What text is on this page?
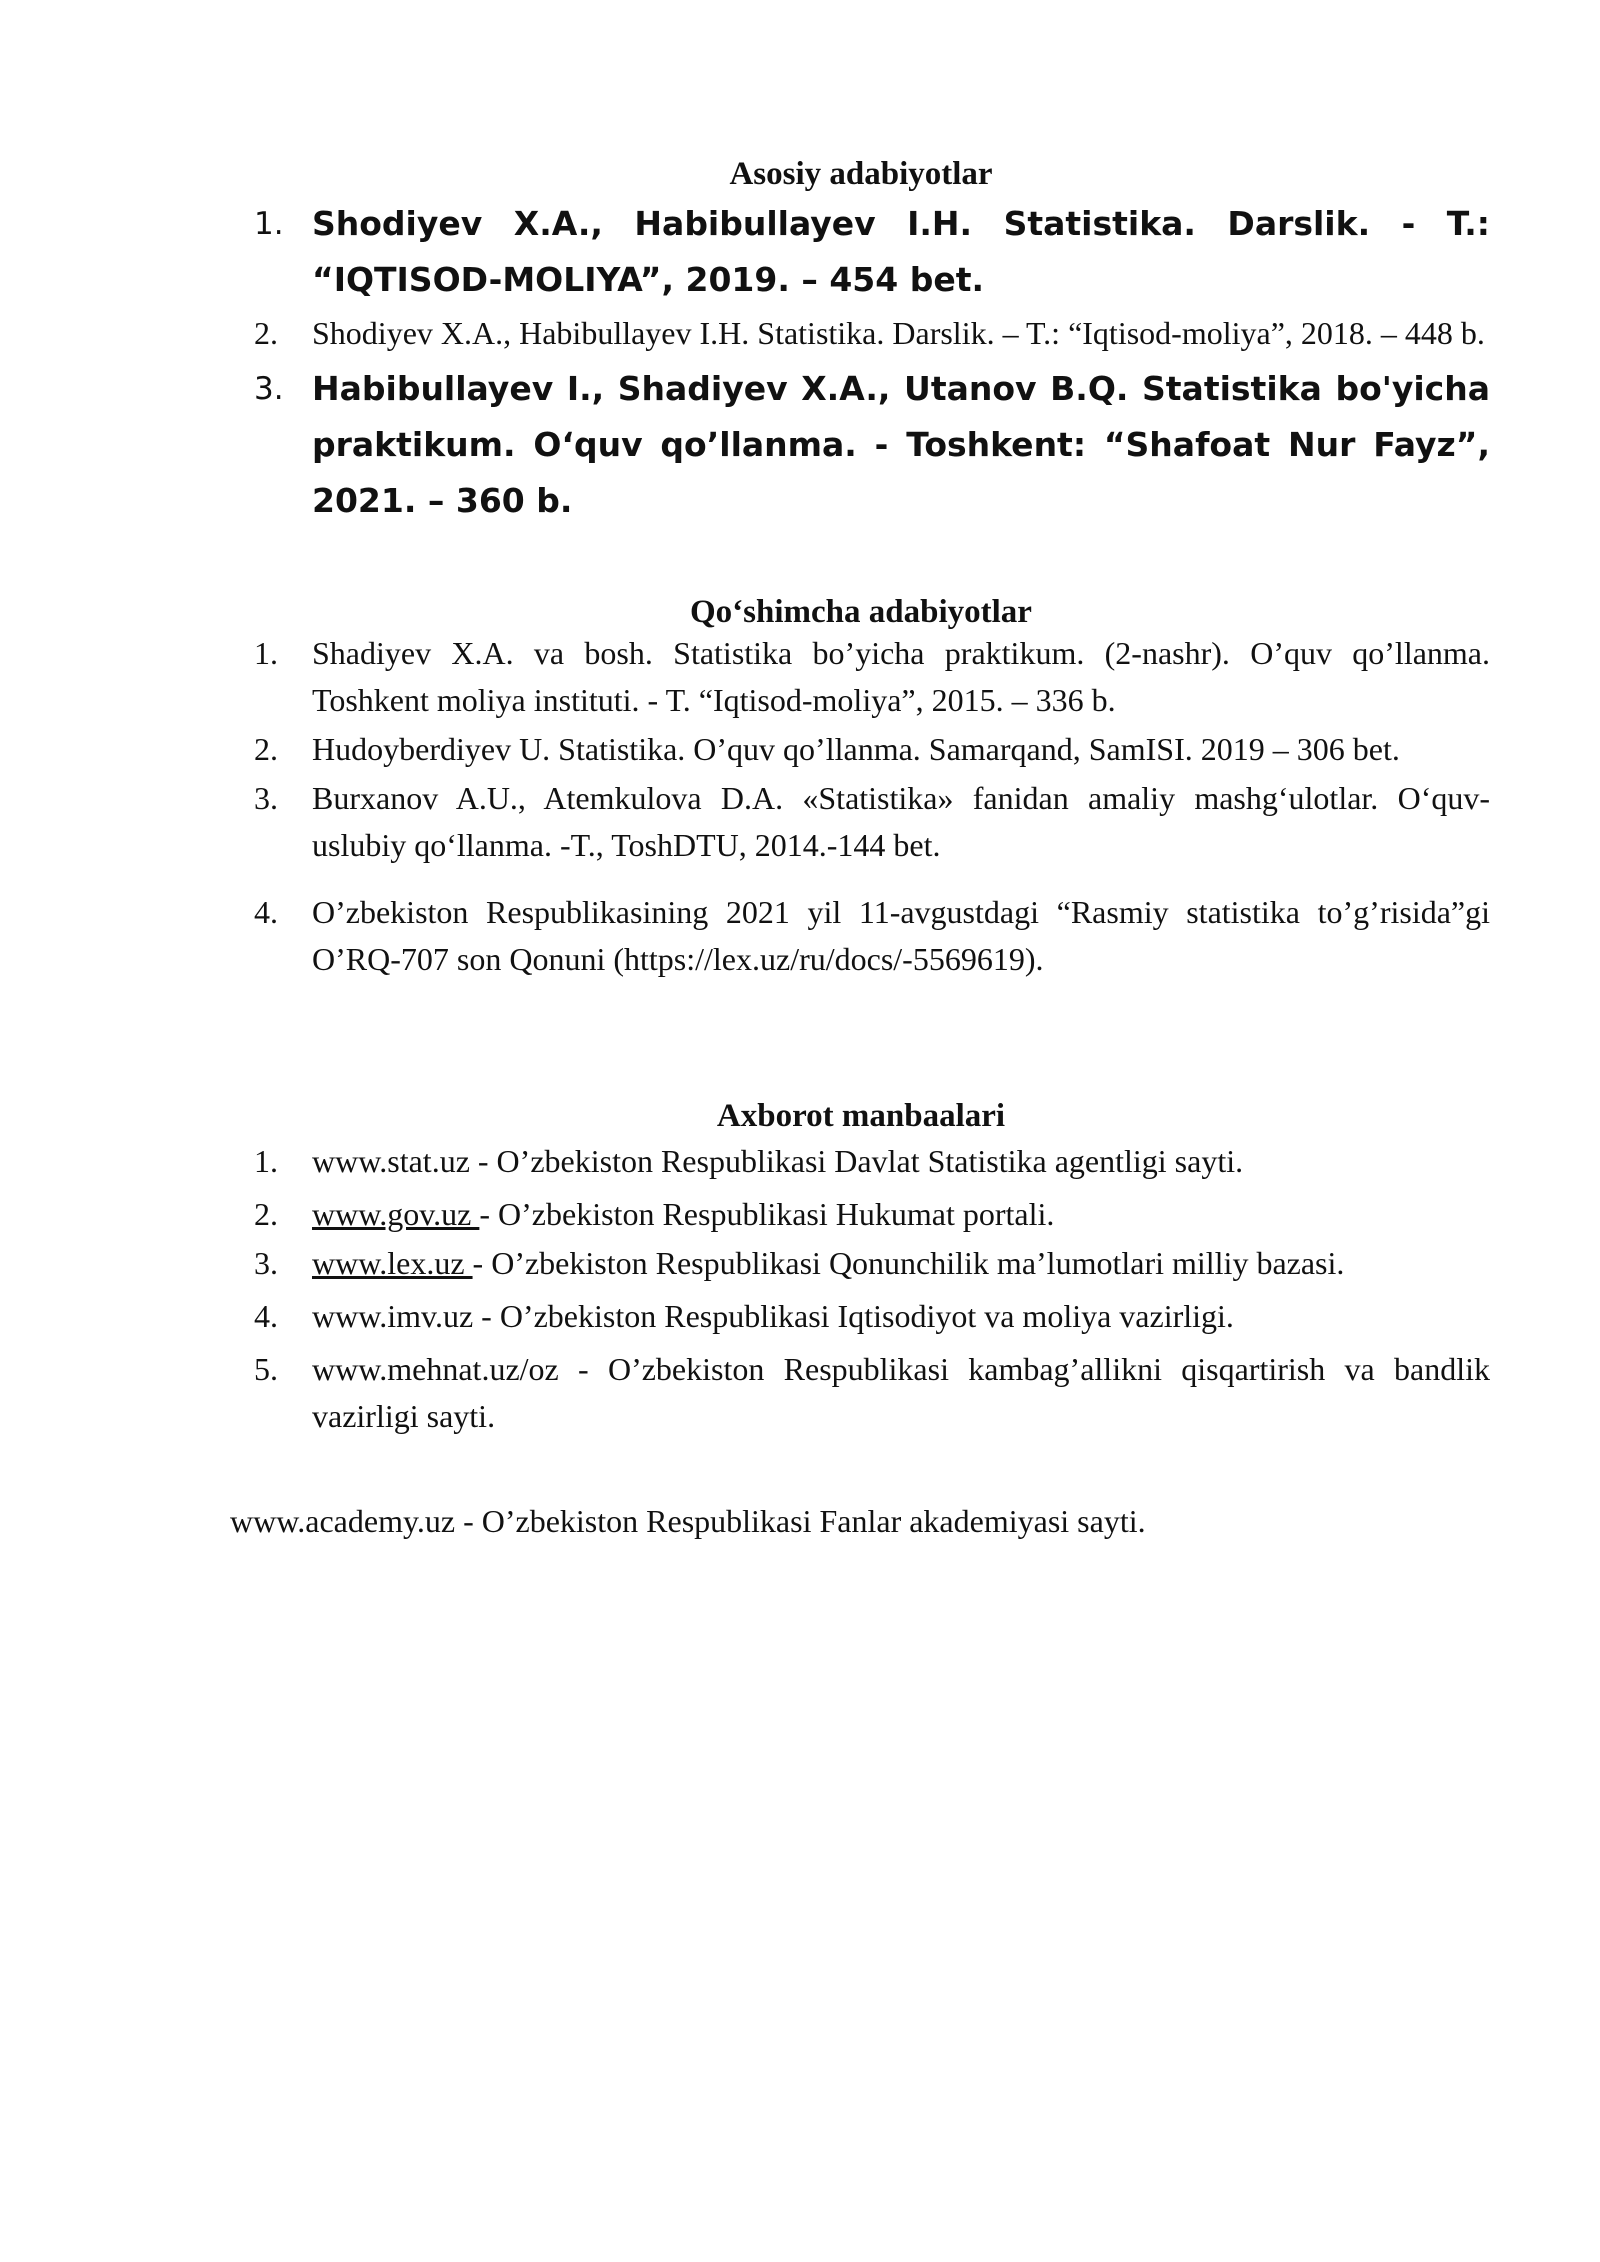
Asosiy adabiyotlar
1. Shodiyev X.A., Habibullayev I.H. Statistika. Darslik. - T.: “IQTISOD-MOLIYA”, 2019. – 454 bet.
2. Shodiyev X.A., Habibullayev I.H. Statistika. Darslik. – T.: “Iqtisod-moliya”, 2018. – 448 b.
3. Habibullayev I., Shadiyev X.A., Utanov B.Q. Statistika bo'yicha praktikum. O‘quv qo’llanma. - Toshkent: “Shafoat Nur Fayz”, 2021. – 360 b.
Qo‘shimcha adabiyotlar
1. Shadiyev X.A. va bosh. Statistika bo’yicha praktikum. (2-nashr). O’quv qo’llanma. Toshkent moliya instituti. - T. “Iqtisod-moliya”, 2015. – 336 b.
2. Hudoyberdiyev U. Statistika. O’quv qo’llanma. Samarqand, SamISI. 2019 – 306 bet.
3. Burxanov A.U., Atemkulova D.A. «Statistika» fanidan amaliy mashg‘ulotlar. O‘quv-uslubiy qo‘llanma. -T., ToshDTU, 2014.-144 bet.
4. O’zbekiston Respublikasining 2021 yil 11-avgustdagi “Rasmiy statistika to’g’risida”gi O’RQ-707 son Qonuni (https://lex.uz/ru/docs/-5569619).
Axborot manbaalari
1. www.stat.uz - O’zbekiston Respublikasi Davlat Statistika agentligi sayti.
2. www.gov.uz - O’zbekiston Respublikasi Hukumat portali.
3. www.lex.uz - O’zbekiston Respublikasi Qonunchilik ma’lumotlari milliy bazasi.
4. www.imv.uz - O’zbekiston Respublikasi Iqtisodiyot va moliya vazirligi.
5. www.mehnat.uz/oz - O’zbekiston Respublikasi kambag’allikni qisqartirish va bandlik vazirligi sayti.

www.academy.uz - O’zbekiston Respublikasi Fanlar akademiyasi sayti.
